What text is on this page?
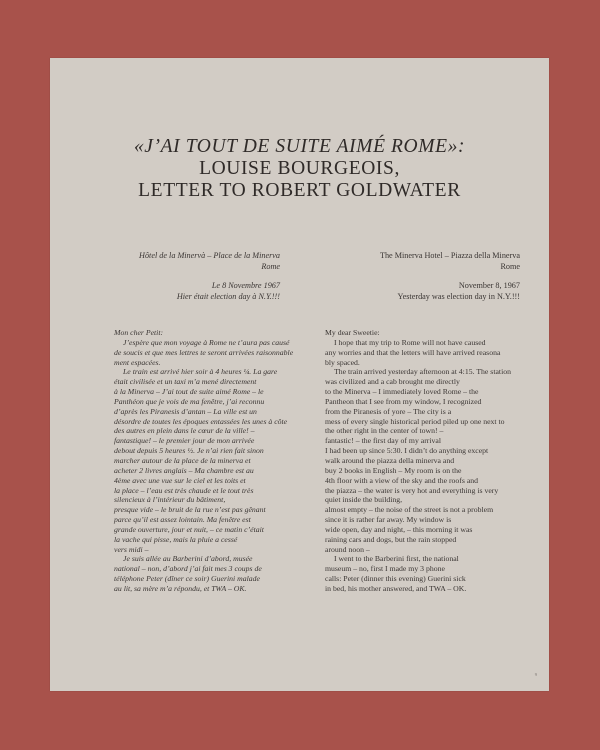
«J’AI TOUT DE SUITE AIMÉ ROME»:
LOUISE BOURGEOIS,
LETTER TO ROBERT GOLDWATER
Hôtel de la Minervà – Place de la Minerva
Rome
Le 8 Novembre 1967
Hier était election day à N.Y.!!!
The Minerva Hotel – Piazza della Minerva
Rome
November 8, 1967
Yesterday was election day in N.Y.!!!
Mon cher Petit:
J’espère que mon voyage à Rome ne t’aura pas causé
de soucis et que mes lettres te seront arrivées raisonnable
ment espacées.
Le train est arrivé hier soir à 4 heures ¼. La gare
était civilisée et un taxi m’a mené directement
à la Minerva – J’ai tout de suite aimé Rome – le
Panthéon que je vois de ma fenêtre, j’ai reconnu
d’après les Piranesis d’antan – La ville est un
désordre de toutes les époques entassées les unes à côte
des autres en plein dans le cœur de la ville! –
fantastique! – le premier jour de mon arrivée
debout depuis 5 heures ½. Je n’ai rien fait sinon
marcher autour de la place de la minerva et
acheter 2 livres anglais – Ma chambre est au
4ème avec une vue sur le ciel et les toits et
la place – l’eau est très chaude et le tout très
silencieux à l’intérieur du bâtiment,
presque vide – le bruit de la rue n’est pas gênant
parce qu’il est assez lointain. Ma fenêtre est
grande ouverture, jour et nuit, – ce matin c’était
la vache qui pisse, mais la pluie a cessé
vers midi –
Je suis allée au Barberini d’abord, musée
national – non, d’abord j’ai fait mes 3 coups de
téléphone Peter (dîner ce soir) Guerini malade
au lit, sa mère m’a répondu, et TWA – OK.
My dear Sweetie:
I hope that my trip to Rome will not have caused
any worries and that the letters will have arrived reasona
bly spaced.
The train arrived yesterday afternoon at 4:15. The station
was civilized and a cab brought me directly
to the Minerva – I immediately loved Rome – the
Pantheon that I see from my window, I recognized
from the Piranesis of yore – The city is a
mess of every single historical period piled up one next to
the other right in the center of town! –
fantastic! – the first day of my arrival
I had been up since 5:30. I didn’t do anything except
walk around the piazza della minerva and
buy 2 books in English – My room is on the
4th floor with a view of the sky and the roofs and
the piazza – the water is very hot and everything is very
quiet inside the building,
almost empty – the noise of the street is not a problem
since it is rather far away. My window is
wide open, day and night, – this morning it was
raining cars and dogs, but the rain stopped
around noon –
I went to the Barberini first, the national
museum – no, first I made my 3 phone
calls: Peter (dinner this evening) Guerini sick
in bed, his mother answered, and TWA – OK.
9
